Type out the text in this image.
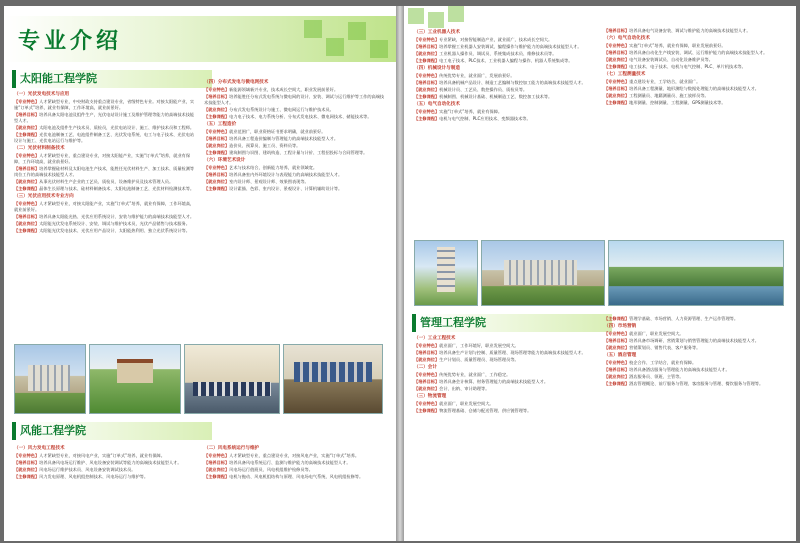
专业介绍
太阳能工程学院
（一）光伏发电技术与应用
【专业特色】人才紧缺型专业，中央财政支持重点建设专业，省级特色专业。对接太阳能产业，实施“订单式”培养，就业有保障，工作环境高，就业前景好。
【培养目标】培养具备太阳电池及组件生产，光伏电站设计施工及维护管理等能力的高端技术技能型人才。
【就业岗位】太阳电池及组件生产技术员、质检员，光伏电站设计、施工、维护技术员和工程师。
【主修课程】光伏电池制备工艺、电池组件制备工艺、光伏发电系统、电工与电子技术、光伏电站设计与施工、光伏电站运行与维护等。
（二）光伏材料制备技术
【专业特色】人才紧缺型专业，重点建设专业，对接太阳能产业，实施“订单式”培养，就业有保障，工作环境高，就业前景好。
【培养目标】培养掌握硅材料及太阳电池生产技术，能胜任光伏材料生产、加工技术、质量检测等岗位工作的高端技术技能型人才。
【就业岗位】从事光伏材料生产企业的工艺员、质检员、设备维护员及技术管理人员。
【主修课程】晶体生长原理与技术、硅材料制备技术、太阳电池制备工艺、光伏材料检测技术等。
（三）光伏应用技术专业方向
【专业特色】人才紧缺型专业，对接太阳能产业，实施“订单式”培养，就业有保障，工作环境高，就业前景好。
【培养目标】培养具备太阳能光热、光伏应用系统设计、安装与维护能力的高端技术技能型人才。
【就业岗位】太阳能光伏发电系统设计、安装、调试与维护技术员，光伏产品销售与技术服务。
【主修课程】太阳能光伏发电技术、光伏应用产品设计、太阳能热利用、独立光伏系统设计等。
（四）分布式发电与微电网技术
【专业特色】新能源领域新兴专业，技术成长空间大，职业发展前景好。
【培养目标】培养能胜任分布式发电系统与微电网的设计、安装、调试与运行维护等工作的高端技术技能型人才。
【就业岗位】分布式发电系统设计与施工、微电网运行与维护技术员。
【主修课程】电力电子技术、电力系统分析、分布式发电技术、微电网技术、储能技术等。
（五）工程造价
【专业特色】就业范围广，职业资格证书要求明确，就业前景好。
【培养目标】培养具备工程造价编制与管理能力的高端技术技能型人才。
【就业岗位】造价员、预算员、施工员、资料员等。
【主修课程】建筑制图与识图、建筑构造、工程计量与计价、工程招投标与合同管理等。
（六）环境艺术设计
【专业特色】艺术与技术结合，创新能力培养，就业领域宽。
【培养目标】培养具备室内外环境设计与表现能力的高端技术技能型人才。
【就业岗位】室内设计师、景观设计师、效果图表现等。
【主修课程】设计素描、色彩、室内设计、景观设计、计算机辅助设计等。
风能工程学院
（一）风力发电工程技术
【专业特色】人才紧缺型专业，对接风电产业，实施“订单式”培养，就业有保障。
【培养目标】培养具备风电场运行维护、风电设备安装调试等能力的高端技术技能型人才。
【就业岗位】风电场运行维护技术员、风电设备安装调试技术员。
【主修课程】风力发电原理、风电机组控制技术、风电场运行与维护等。
（二）风电系统运行与维护
【专业特色】人才紧缺型专业，重点建设专业，对接风电产业，实施“订单式”培养。
【培养目标】培养具备风电系统运行、监测与维护能力的高端技术技能型人才。
【就业岗位】风电场运行值班员、风电机组维护检修员等。
【主修课程】电机与拖动、风电机组结构与原理、风电场电气系统、风电机组检修等。
（三）工业机器人技术
【专业特色】专业紧缺，对接智能制造产业，就业面广，技术成长空间大。
【培养目标】培养掌握工业机器人安装调试、编程操作与维护能力的高端技术技能型人才。
【就业岗位】工业机器人操作员、调试员、系统集成技术员、维修技术员等。
【主修课程】电工电子技术、PLC技术、工业机器人编程与操作、机器人系统集成等。
（四）机械设计与制造
【专业特色】传统优势专业，就业面广，发展前景好。
【培养目标】培养具备机械产品设计、制造工艺编制与数控加工能力的高端技术技能型人才。
【就业岗位】机械设计员、工艺员、数控操作员、质检员等。
【主修课程】机械制图、机械设计基础、机械制造工艺、数控加工技术等。
（五）电气自动化技术
【专业特色】实施“订单式”培养，就业有保障。
【主修课程】电机与电气控制、PLC应用技术、变频器技术等。
【培养目标】培养具备电气设备安装、调试与维护能力的高端技术技能型人才。
（六）电气自动化技术
【专业特色】实施“订单式”培养，就业有保障，职业发展前景好。
【培养目标】培养具备自动化生产线安装、调试、运行维护能力的高端技术技能型人才。
【就业岗位】电气设备安装调试员、自动化设备维护员等。
【主修课程】电工技术、电子技术、电机与电气控制、PLC、单片机技术等。
（七）工程测量技术
【专业特色】重点建设专业，工学结合，就业面广。
【培养目标】培养具备工程测量、地形测绘与数据处理能力的高端技术技能型人才。
【就业岗位】工程测量员、地籍测量员、施工放样员等。
【主修课程】地形测量、控制测量、工程测量、GPS测量技术等。
管理工程学院
（一）工业工程技术
【专业特色】就业面广，工作环境好，职业发展空间大。
【培养目标】培养具备生产计划与控制、质量管理、现场管理等能力的高端技术技能型人才。
【就业岗位】生产计划员、质量管理员、现场管理员等。
（二）会计
【专业特色】传统优势专业，就业面广，工作稳定。
【培养目标】培养具备会计核算、财务管理能力的高端技术技能型人才。
【就业岗位】会计、出纳、审计助理等。
（三）物流管理
【专业特色】就业面广，职业发展空间大。
【主修课程】物流管理基础、仓储与配送管理、供应链管理等。
【主修课程】管理学基础、市场营销、人力资源管理、生产运作管理等。
（四）市场营销
【专业特色】就业面广，职业发展空间大。
【培养目标】培养具备市场调研、营销策划与销售管理能力的高端技术技能型人才。
【就业岗位】营销策划员、销售代表、客户服务等。
（五）酒店管理
【专业特色】校企合作、工学结合，就业有保障。
【培养目标】培养具备酒店服务与管理能力的高端技术技能型人才。
【就业岗位】酒店服务员、领班、主管等。
【主修课程】酒店管理概论、前厅服务与管理、客房服务与管理、餐饮服务与管理等。
